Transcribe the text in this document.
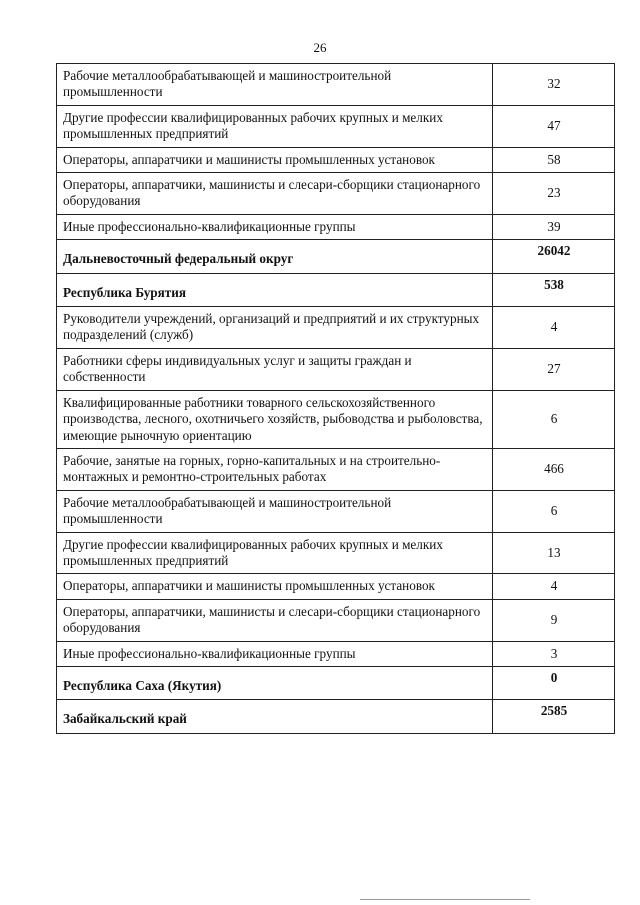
26
Рабочие металлообрабатывающей и машиностроительной промышленности	32
Другие профессии квалифицированных рабочих крупных и мелких промышленных предприятий	47
Операторы, аппаратчики и машинисты промышленных установок	58
Операторы, аппаратчики, машинисты и слесари-сборщики стационарного оборудования	23
Иные профессионально-квалификационные группы	39
Дальневосточный федеральный округ	26042
Республика Бурятия	538
Руководители учреждений, организаций и предприятий и их структурных подразделений (служб)	4
Работники сферы индивидуальных услуг и защиты граждан и собственности	27
Квалифицированные работники товарного сельскохозяйственного производства, лесного, охотничьего хозяйств, рыбоводства и рыболовства, имеющие рыночную ориентацию	6
Рабочие, занятые на горных, горно-капитальных и на строительно-монтажных и ремонтно-строительных работах	466
Рабочие металлообрабатывающей и машиностроительной промышленности	6
Другие профессии квалифицированных рабочих крупных и мелких промышленных предприятий	13
Операторы, аппаратчики и машинисты промышленных установок	4
Операторы, аппаратчики, машинисты и слесари-сборщики стационарного оборудования	9
Иные профессионально-квалификационные группы	3
Республика Саха (Якутия)	0
Забайкальский край	2585
